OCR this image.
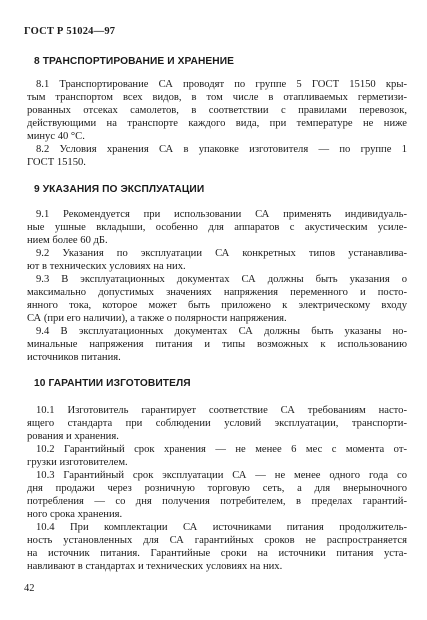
ГОСТ Р 51024—97
8 ТРАНСПОРТИРОВАНИЕ И ХРАНЕНИЕ
8.1 Транспортирование СА проводят по группе 5 ГОСТ 15150 кры-
тым транспортом всех видов, в том числе в отапливаемых герметизи-
рованных отсеках самолетов, в соответствии с правилами перевозок,
действующими на транспорте каждого вида, при температуре не ниже
минус 40 °С.
8.2 Условия хранения СА в упаковке изготовителя — по группе 1
ГОСТ 15150.
9 УКАЗАНИЯ ПО ЭКСПЛУАТАЦИИ
9.1 Рекомендуется при использовании СА применять индивидуаль-
ные ушные вкладыши, особенно для аппаратов с акустическим усиле-
нием более 60 дБ.
9.2 Указания по эксплуатации СА конкретных типов устанавлива-
ют в технических условиях на них.
9.3 В эксплуатационных документах СА должны быть указания о
максимально допустимых значениях напряжения переменного и посто-
янного тока, которое может быть приложено к электрическому входу
СА (при его наличии), а также о полярности напряжения.
9.4 В эксплуатационных документах СА должны быть указаны но-
минальные напряжения питания и типы возможных к использованию
источников питания.
10 ГАРАНТИИ ИЗГОТОВИТЕЛЯ
10.1 Изготовитель гарантирует соответствие СА требованиям насто-
ящего стандарта при соблюдении условий эксплуатации, транспорти-
рования и хранения.
10.2 Гарантийный срок хранения — не менее 6 мес с момента от-
грузки изготовителем.
10.3 Гарантийный срок эксплуатации СА — не менее одного года со
дня продажи через розничную торговую сеть, а для внерыночного
потребления — со дня получения потребителем, в пределах гарантий-
ного срока хранения.
10.4 При комплектации СА источниками питания продолжитель-
ность установленных для СА гарантийных сроков не распространяется
на источник питания. Гарантийные сроки на источники питания уста-
навливают в стандартах и технических условиях на них.
42
